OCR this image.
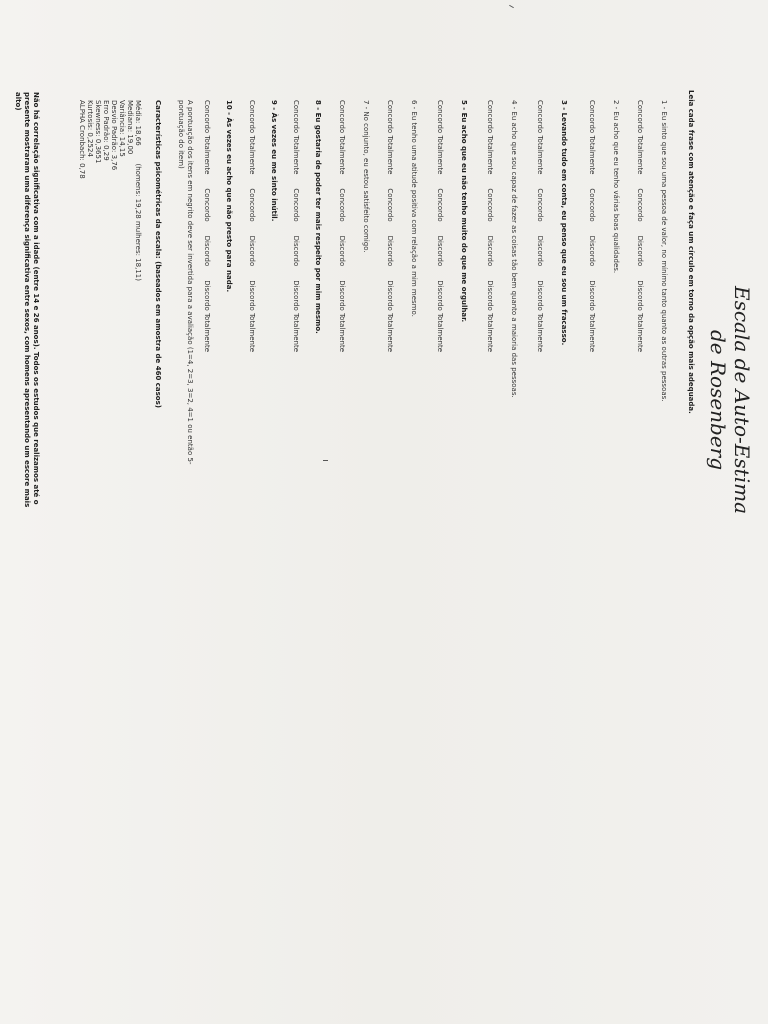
Escala de Auto-Estima
de Rosenberg
Leia cada frase com atenção e faça um círculo em torno da opção mais adequada.
1 - Eu sinto que sou uma pessoa de valor, no mínimo tanto quanto as outras pessoas.
Concordo TotalmenteConcordoDiscordoDiscordo Totalmente
2 - Eu acho que eu tenho várias boas qualidades.
Concordo TotalmenteConcordoDiscordoDiscordo Totalmente
3 - Levando tudo em conta, eu penso que eu sou um fracasso.
Concordo TotalmenteConcordoDiscordoDiscordo Totalmente
4 - Eu acho que sou capaz de fazer as coisas tão bem quanto a maioria das pessoas.
Concordo TotalmenteConcordoDiscordoDiscordo Totalmente
5 - Eu acho que eu não tenho muito do que me orgulhar.
Concordo TotalmenteConcordoDiscordoDiscordo Totalmente
6 - Eu tenho uma atitude positiva com relação a mim mesmo.
Concordo TotalmenteConcordoDiscordoDiscordo Totalmente
7 - No conjunto, eu estou satisfeito comigo.
Concordo TotalmenteConcordoDiscordoDiscordo Totalmente
8 - Eu gostaria de poder ter mais respeito por mim mesmo.
Concordo TotalmenteConcordoDiscordoDiscordo Totalmente
9 - Às vezes eu me sinto inútil.
Concordo TotalmenteConcordoDiscordoDiscordo Totalmente
10 - Às vezes eu acho que não presto para nada.
Concordo TotalmenteConcordoDiscordoDiscordo Totalmente
A pontuação dos itens em negrito deve ser invertida para a avaliação (1=4, 2=3, 3=2, 4=1 ou então 5-
pontuação do item)
Características psicométricas da escala: (baseados em amostra de 460 casos)
Média: 18,66        (homens: 19,28 mulheres: 18,11)
Mediana: 19,00
Variância: 14,15
Desvio Padrão: 3,76
Erro Padrão: 0,29
Skewness: 0,3651
Kurtosis: 0,2524
ALPHA Cronbach: 0,78
Não há correlação significativa com a idade (entre 14 e 26 anos). Todos os estudos que realizamos até o
presente mostraram uma diferença significativa entre sexos, com homens apresentando um escore mais
alto)
